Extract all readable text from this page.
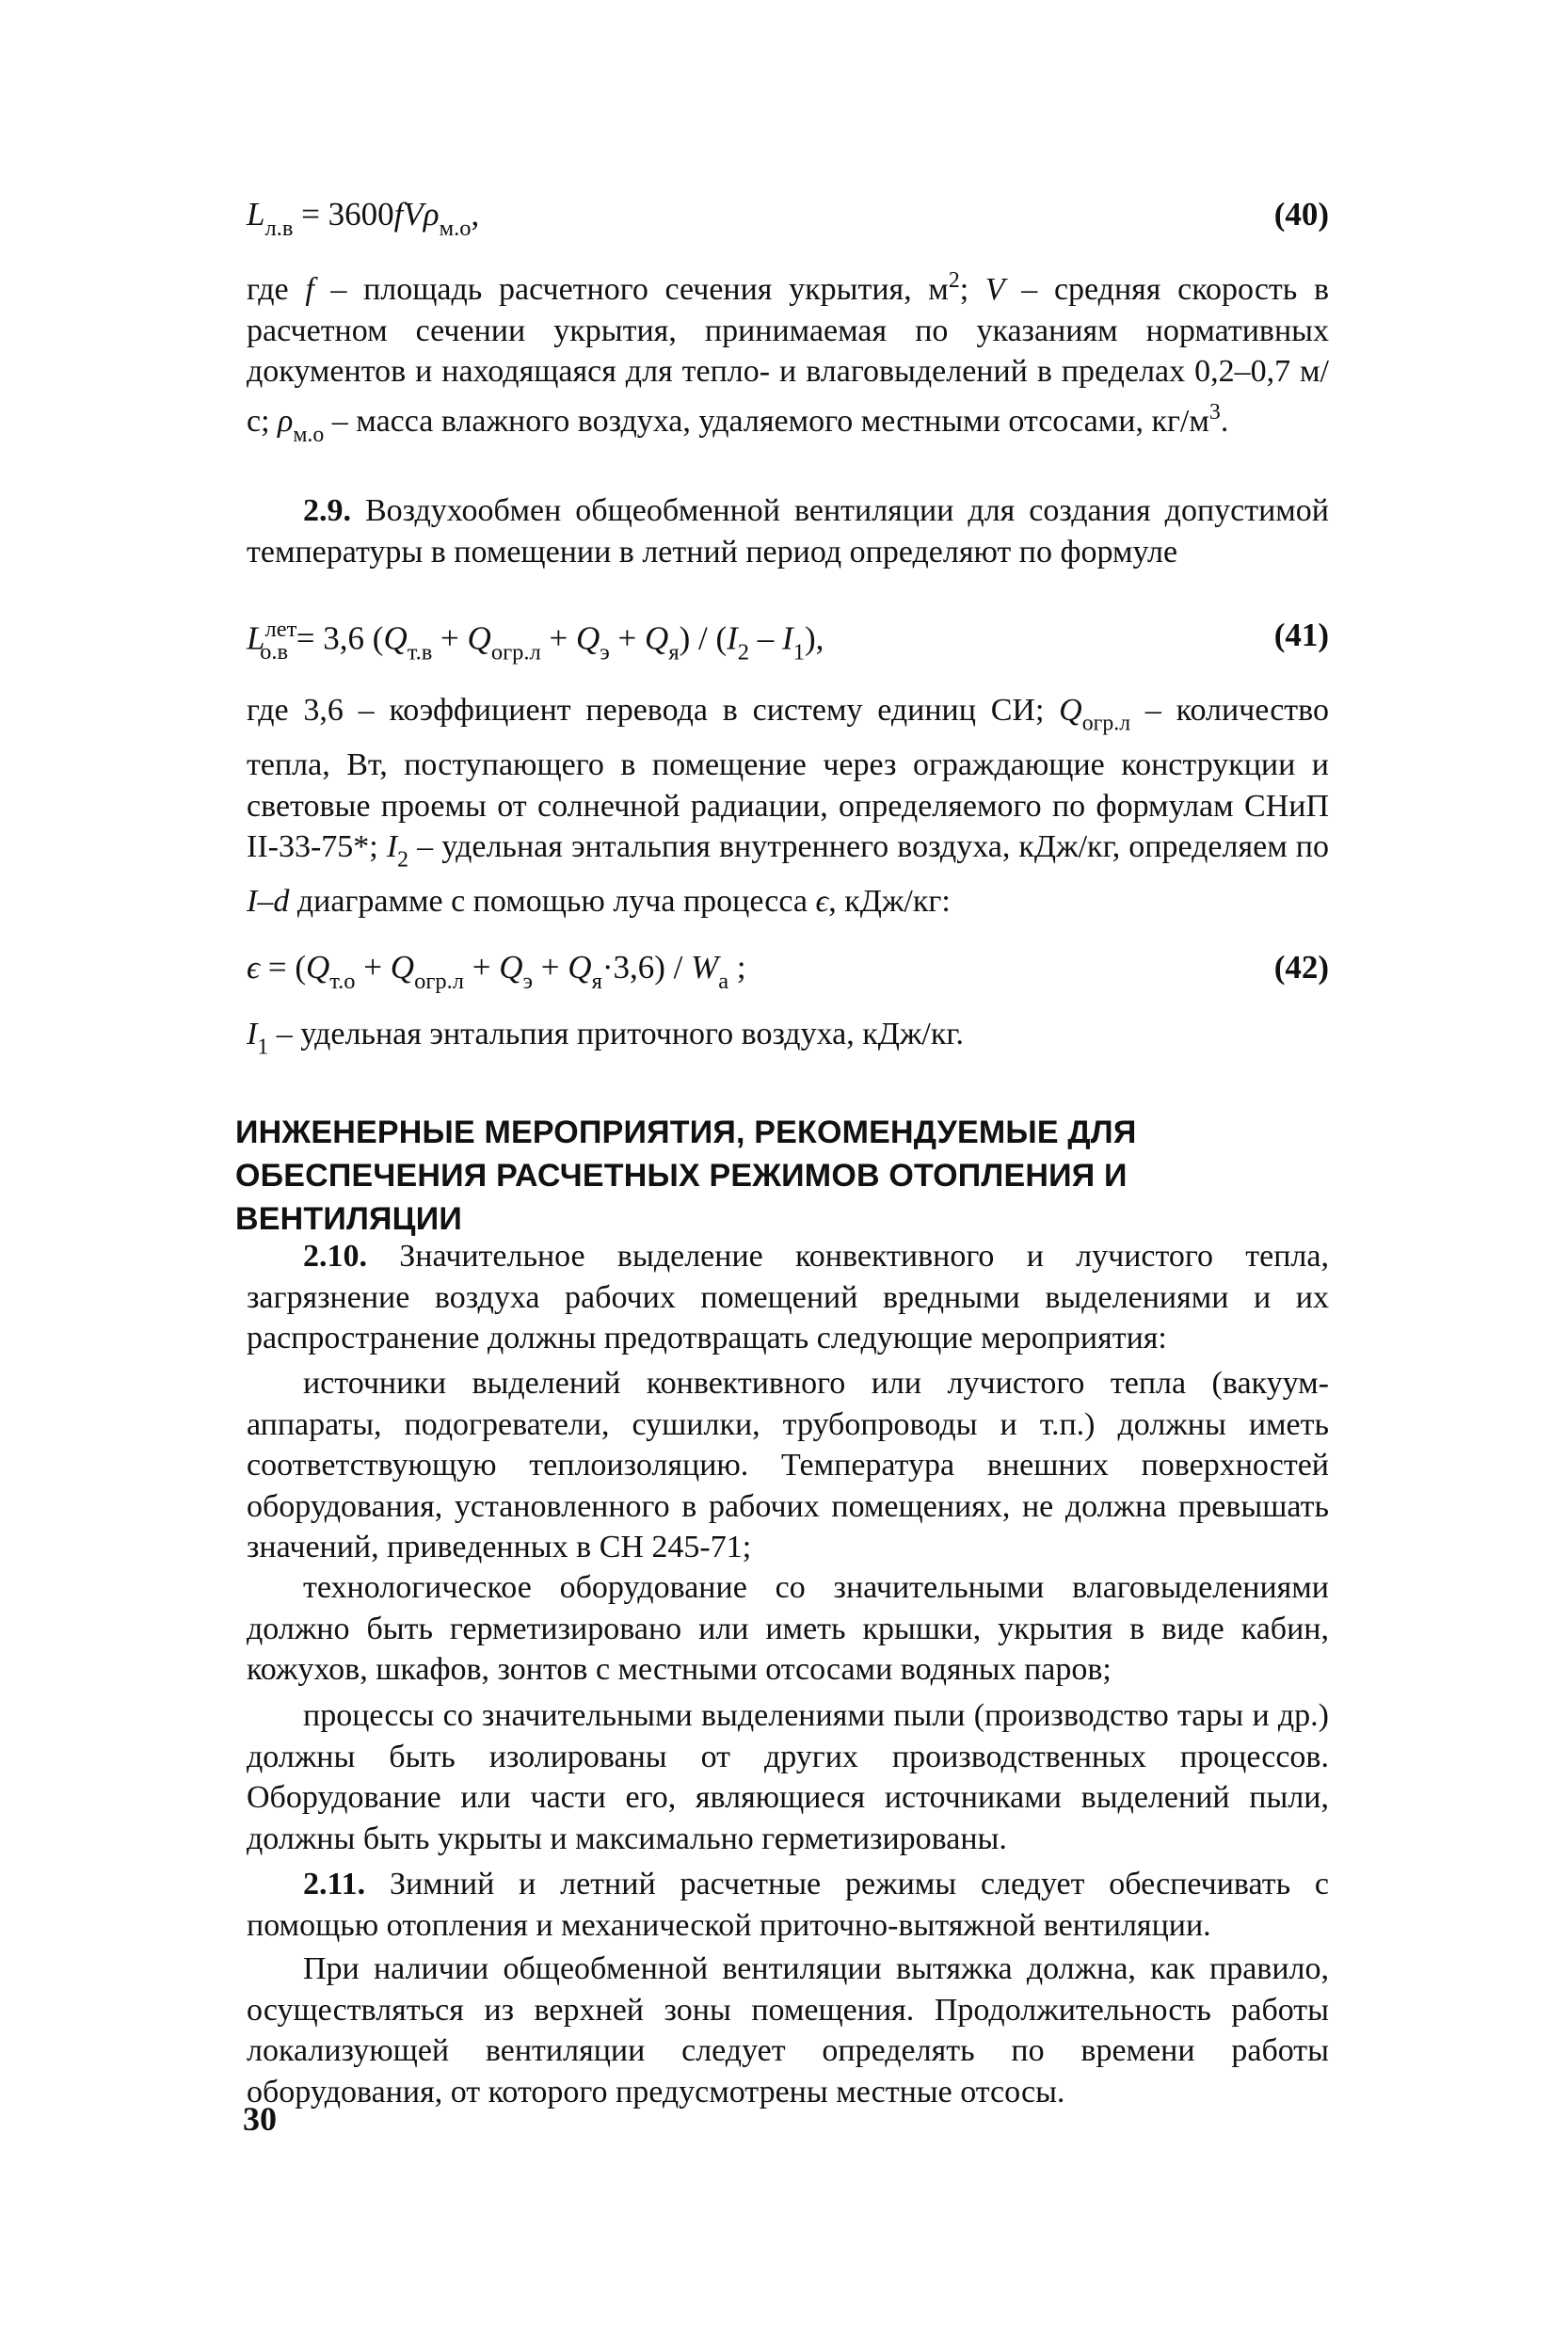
$L_{л.в} = 3600fV\rho_{м.о}$,	(40)

где f – площадь расчетного сечения укрытия, $м^2$; V – средняя скорость в расчетном сечении укрытия, принимаемая по указаниям нормативных документов и находящаяся для тепло- и влаговыделений в пределах 0,2–0,7 м/с; $\rho_{м.о}$ – масса влажного воздуха, удаляемого местными отсосами, $кг/м^3$.

2.9. Воздухообмен общеобменной вентиляции для создания допустимой температуры в помещении в летний период определяют по формуле

$L^{лет}_{о.в} = 3,6$ $(Q_{т.в} + Q_{огр.л} + Q_э + Q_я) / (I_2 - I_1)$,	(41)

где 3,6 – коэффициент перевода в систему единиц СИ; $Q_{огр.л}$ – количество тепла, Вт, поступающего в помещение через ограждающие конструкции и световые проемы от солнечной радиации, определяемого по формулам СНиП II-33-75*; $I_2$ – удельная энтальпия внутреннего воздуха, кДж/кг, определяем по I–d диаграмме с помощью луча процесса ϵ, кДж/кг:

$\epsilon = (Q_{т.о} + Q_{огр.л} + Q_э + Q_я\cdot 3,6) / W_а$ ;	(42)

$I_1$ – удельная энтальпия приточного воздуха, кДж/кг.

ИНЖЕНЕРНЫЕ МЕРОПРИЯТИЯ, РЕКОМЕНДУЕМЫЕ ДЛЯ
ОБЕСПЕЧЕНИЯ РАСЧЕТНЫХ РЕЖИМОВ ОТОПЛЕНИЯ И ВЕНТИЛЯЦИИ

2.10. Значительное выделение конвективного и лучистого тепла, загрязнение воздуха рабочих помещений вредными выделениями и их распространение должны предотвращать следующие мероприятия:

источники выделений конвективного или лучистого тепла (вакуум-аппараты, подогреватели, сушилки, трубопроводы и т.п.) должны иметь соответствующую теплоизоляцию. Температура внешних поверхностей оборудования, установленного в рабочих помещениях, не должна превышать значений, приведенных в СН 245-71;

технологическое оборудование со значительными влаговыделениями должно быть герметизировано или иметь крышки, укрытия в виде кабин, кожухов, шкафов, зонтов с местными отсосами водяных паров;

процессы со значительными выделениями пыли (производство тары и др.) должны быть изолированы от других производственных процессов. Оборудование или части его, являющиеся источниками выделений пыли, должны быть укрыты и максимально герметизированы.

2.11. Зимний и летний расчетные режимы следует обеспечивать с помощью отопления и механической приточно-вытяжной вентиляции.

При наличии общеобменной вентиляции вытяжка должна, как правило, осуществляться из верхней зоны помещения. Продолжительность работы локализующей вентиляции следует определять по времени работы оборудования, от которого предусмотрены местные отсосы.

30
